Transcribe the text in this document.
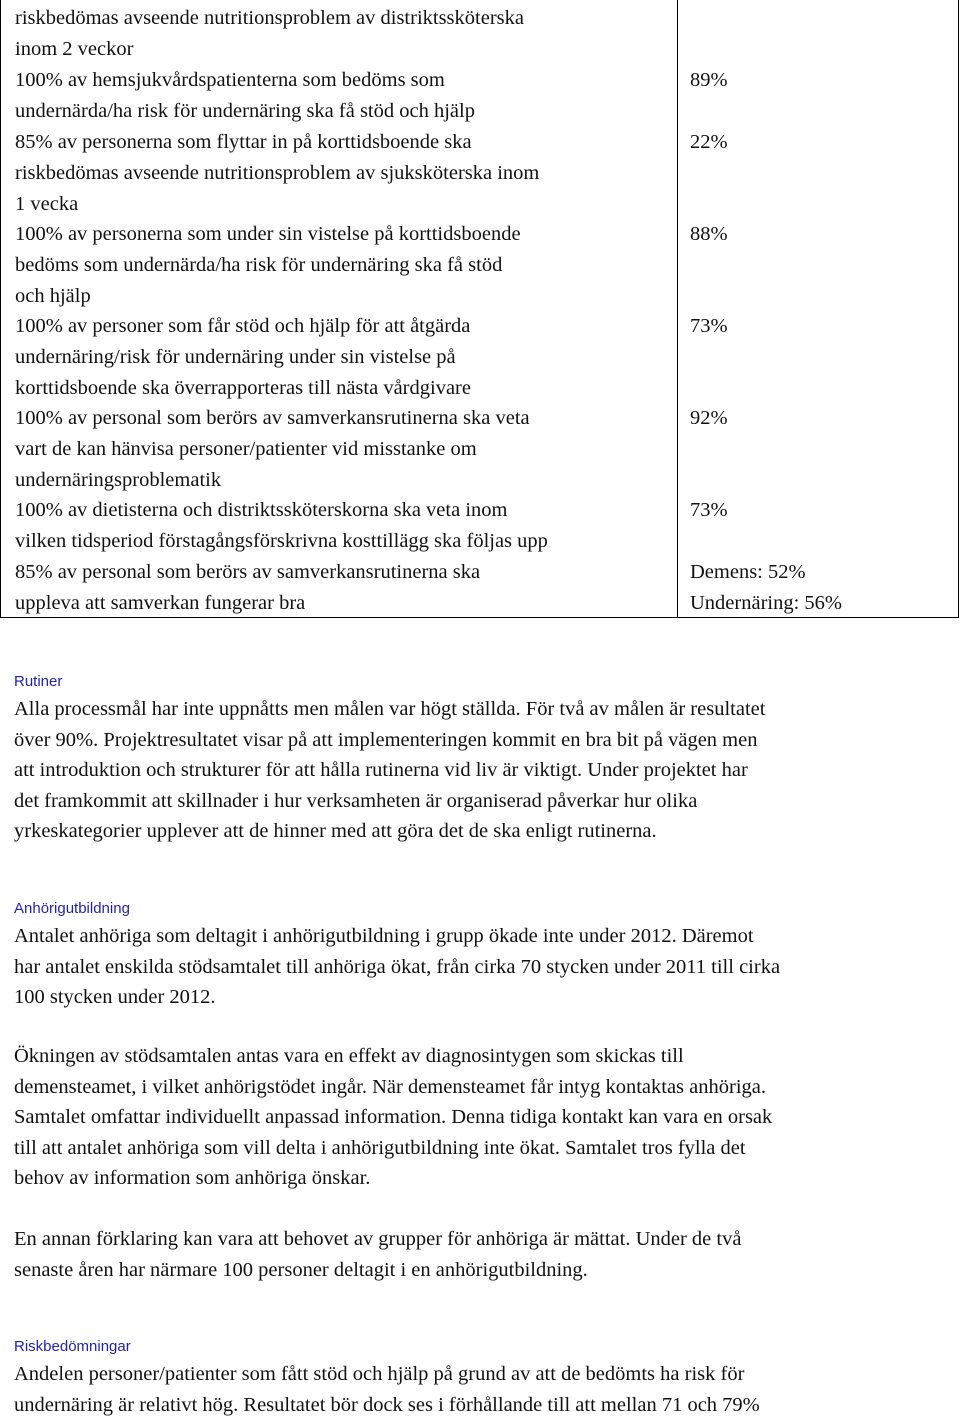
riskbedömas avseende nutritionsproblem av distriktssköterska
inom 2 veckor
100% av hemsjukvårdspatienterna som bedöms som
undernärda/ha risk för undernäring ska få stöd och hjälp
89%
85% av personerna som flyttar in på korttidsboende ska
riskbedömas avseende nutritionsproblem av sjuksköterska inom
1 vecka
22%
100% av personerna som under sin vistelse på korttidsboende
bedöms som undernärda/ha risk för undernäring ska få stöd
och hjälp
88%
100% av personer som får stöd och hjälp för att åtgärda
undernäring/risk för undernäring under sin vistelse på
korttidsboende ska överrapporteras till nästa vårdgivare
73%
100% av personal som berörs av samverkansrutinerna ska veta
vart de kan hänvisa personer/patienter vid misstanke om
undernäringsproblematik
92%
100% av dietisterna och distriktssköterskorna ska veta inom
vilken tidsperiod förstagångsförskrivna kosttillägg ska följas upp
73%
85% av personal som berörs av samverkansrutinerna ska
uppleva att samverkan fungerar bra
Demens: 52%
Undernäring: 56%
Rutiner
Alla processmål har inte uppnåtts men målen var högt ställda. För två av målen är resultatet
över 90%. Projektresultatet visar på att implementeringen kommit en bra bit på vägen men
att introduktion och strukturer för att hålla rutinerna vid liv är viktigt. Under projektet har
det framkommit att skillnader i hur verksamheten är organiserad påverkar hur olika
yrkeskategorier upplever att de hinner med att göra det de ska enligt rutinerna.
Anhörigutbildning
Antalet anhöriga som deltagit i anhörigutbildning i grupp ökade inte under 2012. Däremot
har antalet enskilda stödsamtalet till anhöriga ökat, från cirka 70 stycken under 2011 till cirka
100 stycken under 2012.
Ökningen av stödsamtalen antas vara en effekt av diagnosintygen som skickas till
demensteamet, i vilket anhörigstödet ingår. När demensteamet får intyg kontaktas anhöriga.
Samtalet omfattar individuellt anpassad information. Denna tidiga kontakt kan vara en orsak
till att antalet anhöriga som vill delta i anhörigutbildning inte ökat. Samtalet tros fylla det
behov av information som anhöriga önskar.
En annan förklaring kan vara att behovet av grupper för anhöriga är mättat. Under de två
senaste åren har närmare 100 personer deltagit i en anhörigutbildning.
Riskbedömningar
Andelen personer/patienter som fått stöd och hjälp på grund av att de bedömts ha risk för
undernäring är relativt hög. Resultatet bör dock ses i förhållande till att mellan 71 och 79%
